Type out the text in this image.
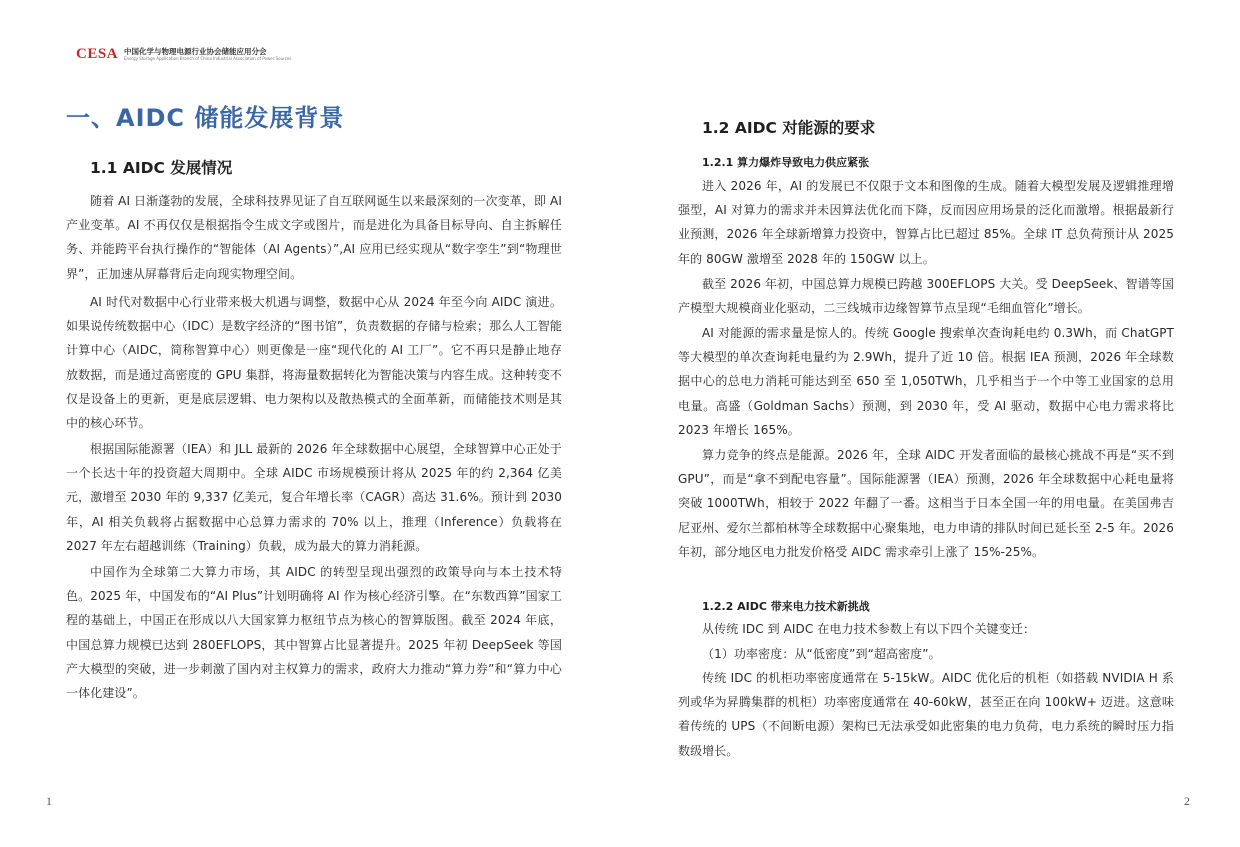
CESA 中国化学与物理电源行业协会储能应用分会
Energy Storage Application Branch of China Industrial Association of Power Sources
一、AIDC 储能发展背景
1.1 AIDC 发展情况

随着 AI 日渐蓬勃的发展，全球科技界见证了自互联网诞生以来最深刻的一次变革，即 AI 产业变革。AI 不再仅仅是根据指令生成文字或图片，而是进化为具备目标导向、自主拆解任务、并能跨平台执行操作的“智能体（AI Agents）”,AI 应用已经实现从“数字孪生”到“物理世界”，正加速从屏幕背后走向现实物理空间。

AI 时代对数据中心行业带来极大机遇与调整，数据中心从 2024 年至今向 AIDC 演进。如果说传统数据中心（IDC）是数字经济的“图书馆”，负责数据的存储与检索；那么人工智能计算中心（AIDC，简称智算中心）则更像是一座“现代化的 AI 工厂”。它不再只是静止地存放数据，而是通过高密度的 GPU 集群，将海量数据转化为智能决策与内容生成。这种转变不仅是设备上的更新，更是底层逻辑、电力架构以及散热模式的全面革新，而储能技术则是其中的核心环节。

根据国际能源署（IEA）和 JLL 最新的 2026 年全球数据中心展望，全球智算中心正处于一个长达十年的投资超大周期中。全球 AIDC 市场规模预计将从 2025 年的约 2,364 亿美元，激增至 2030 年的 9,337 亿美元，复合年增长率（CAGR）高达 31.6%。预计到 2030 年，AI 相关负载将占据数据中心总算力需求的 70% 以上，推理（Inference）负载将在 2027 年左右超越训练（Training）负载，成为最大的算力消耗源。

中国作为全球第二大算力市场，其 AIDC 的转型呈现出强烈的政策导向与本土技术特色。2025 年，中国发布的“AI Plus”计划明确将 AI 作为核心经济引擎。在“东数西算”国家工程的基础上，中国正在形成以八大国家算力枢纽节点为核心的智算版图。截至 2024 年底，中国总算力规模已达到 280EFLOPS，其中智算占比显著提升。2025 年初 DeepSeek 等国产大模型的突破，进一步刺激了国内对主权算力的需求，政府大力推动“算力券”和“算力中心一体化建设”。

1
1.2 AIDC 对能源的要求
1.2.1 算力爆炸导致电力供应紧张

进入 2026 年，AI 的发展已不仅限于文本和图像的生成。随着大模型发展及逻辑推理增强型，AI 对算力的需求并未因算法优化而下降，反而因应用场景的泛化而激增。根据最新行业预测，2026 年全球新增算力投资中，智算占比已超过 85%。全球 IT 总负荷预计从 2025 年的 80GW 激增至 2028 年的 150GW 以上。

截至 2026 年初，中国总算力规模已跨越 300EFLOPS 大关。受 DeepSeek、智谱等国产模型大规模商业化驱动，二三线城市边缘智算节点呈现“毛细血管化”增长。

AI 对能源的需求量是惊人的。传统 Google 搜索单次查询耗电约 0.3Wh，而 ChatGPT 等大模型的单次查询耗电量约为 2.9Wh，提升了近 10 倍。根据 IEA 预测，2026 年全球数据中心的总电力消耗可能达到至 650 至 1,050TWh，几乎相当于一个中等工业国家的总用电量。高盛（Goldman Sachs）预测，到 2030 年，受 AI 驱动，数据中心电力需求将比 2023 年增长 165%。

算力竞争的终点是能源。2026 年，全球 AIDC 开发者面临的最核心挑战不再是“买不到 GPU”，而是“拿不到配电容量”。国际能源署（IEA）预测，2026 年全球数据中心耗电量将突破 1000TWh，相较于 2022 年翻了一番。这相当于日本全国一年的用电量。在美国弗吉尼亚州、爱尔兰都柏林等全球数据中心聚集地，电力申请的排队时间已延长至 2-5 年。2026 年初，部分地区电力批发价格受 AIDC 需求牵引上涨了 15%-25%。

1.2.2 AIDC 带来电力技术新挑战

从传统 IDC 到 AIDC 在电力技术参数上有以下四个关键变迁：

（1）功率密度：从“低密度”到“超高密度”。

传统 IDC 的机柜功率密度通常在 5-15kW。AIDC 优化后的机柜（如搭载 NVIDIA H 系列或华为昇腾集群的机柜）功率密度通常在 40-60kW，甚至正在向 100kW+ 迈进。这意味着传统的 UPS（不间断电源）架构已无法承受如此密集的电力负荷，电力系统的瞬时压力指数级增长。

2
